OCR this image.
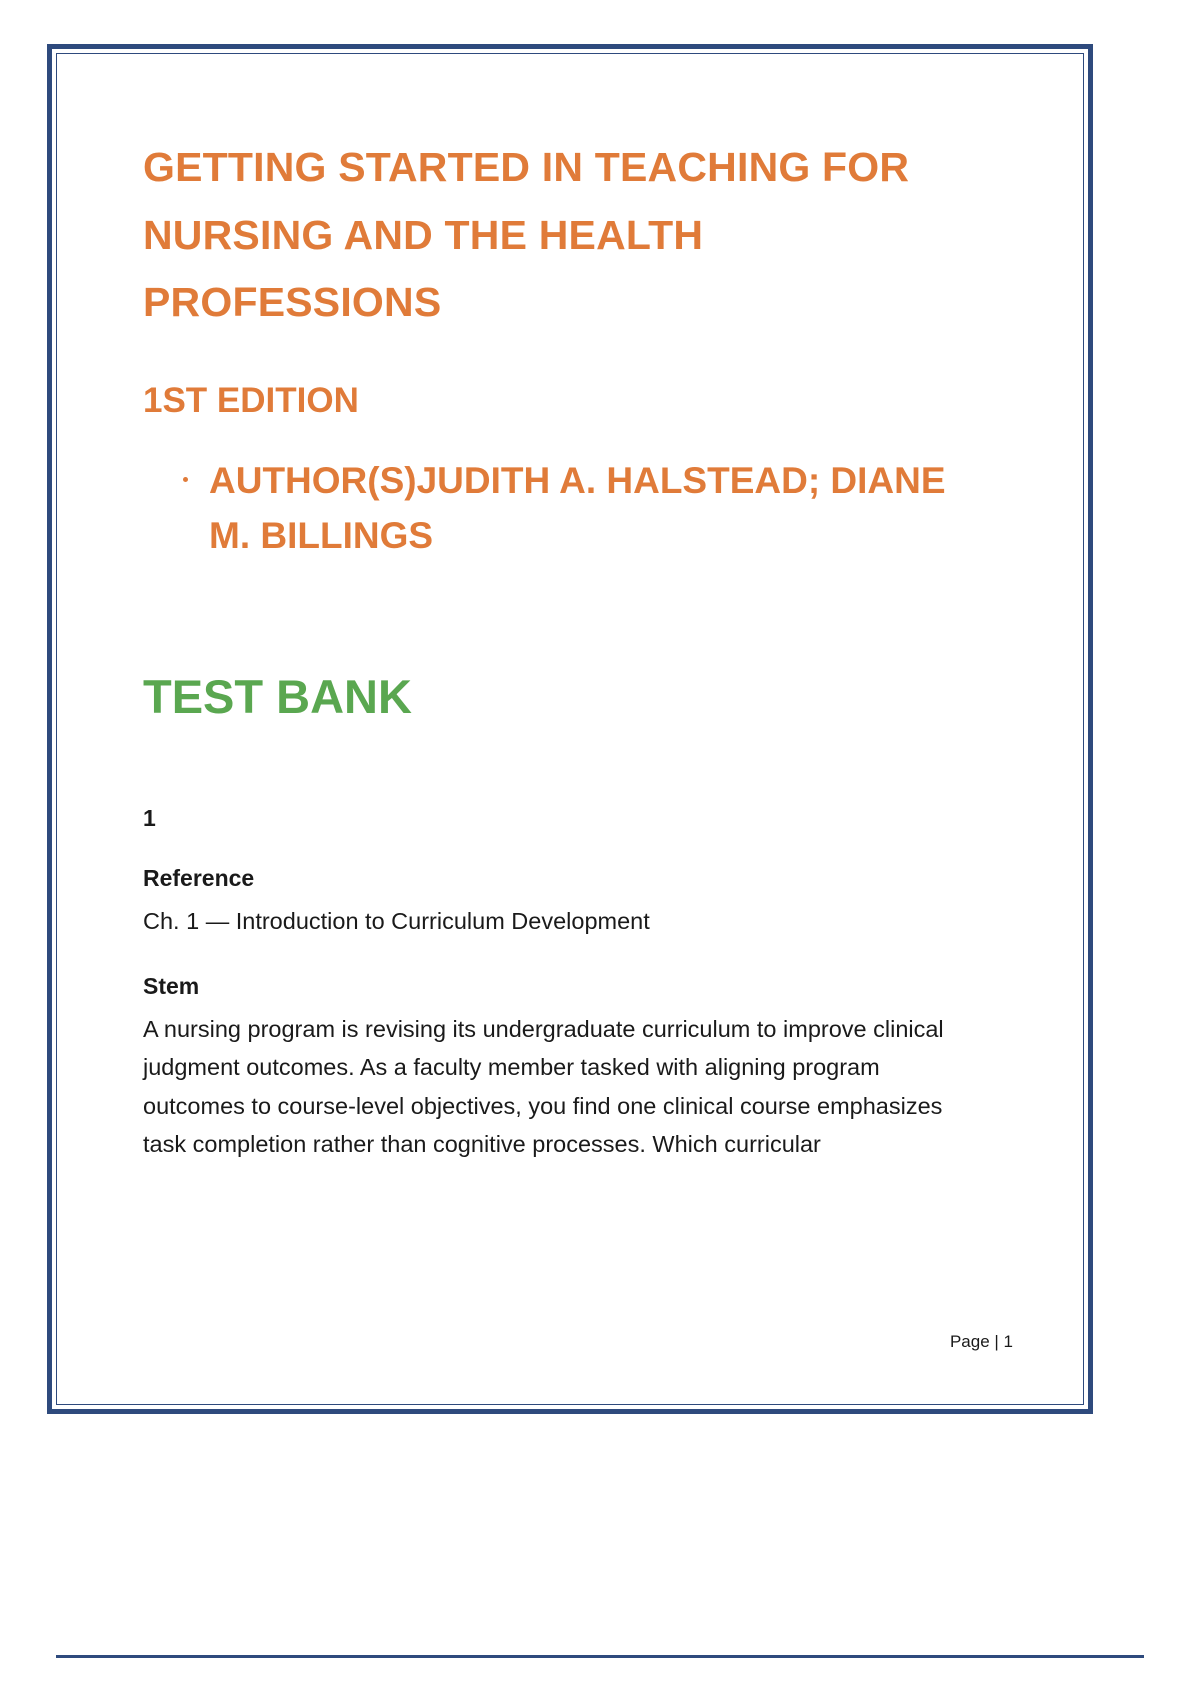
GETTING STARTED IN TEACHING FOR NURSING AND THE HEALTH PROFESSIONS
1ST EDITION
AUTHOR(S)JUDITH A. HALSTEAD; DIANE M. BILLINGS
TEST BANK
1
Reference
Ch. 1 — Introduction to Curriculum Development
Stem
A nursing program is revising its undergraduate curriculum to improve clinical judgment outcomes. As a faculty member tasked with aligning program outcomes to course-level objectives, you find one clinical course emphasizes task completion rather than cognitive processes. Which curricular
Page | 1
